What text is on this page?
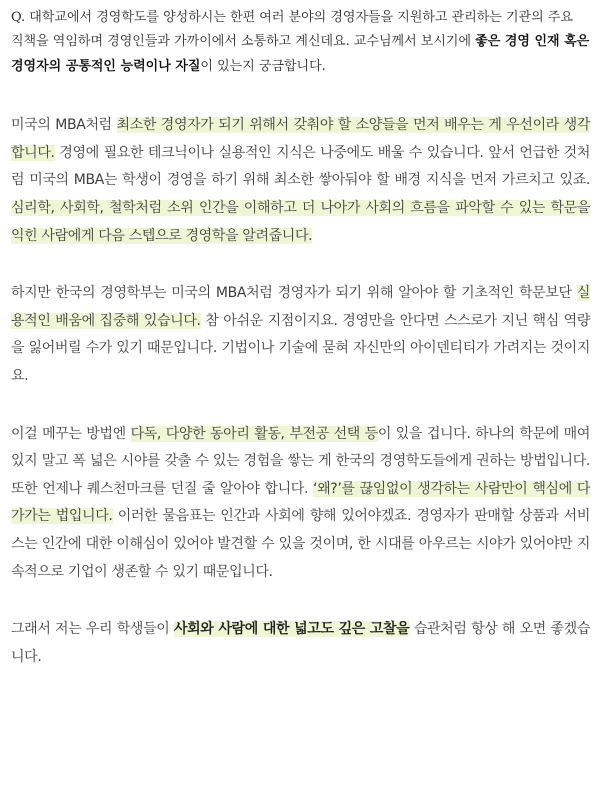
Q. 대학교에서 경영학도를 양성하시는 한편 여러 분야의 경영자들을 지원하고 관리하는 기관의 주요 직책을 역임하며 경영인들과 가까이에서 소통하고 계신데요. 교수님께서 보시기에 좋은 경영 인재 혹은 경영자의 공통적인 능력이나 자질이 있는지 궁금합니다.

미국의 MBA처럼 최소한 경영자가 되기 위해서 갖춰야 할 소양들을 먼저 배우는 게 우선이라 생각합니다. 경영에 필요한 테크닉이나 실용적인 지식은 나중에도 배울 수 있습니다. 앞서 언급한 것처럼 미국의 MBA는 학생이 경영을 하기 위해 최소한 쌓아둬야 할 배경 지식을 먼저 가르치고 있죠. 심리학, 사회학, 철학처럼 소위 인간을 이해하고 더 나아가 사회의 흐름을 파악할 수 있는 학문을 익힌 사람에게 다음 스텝으로 경영학을 알려줍니다.

하지만 한국의 경영학부는 미국의 MBA처럼 경영자가 되기 위해 알아야 할 기초적인 학문보단 실용적인 배움에 집중해 있습니다. 참 아쉬운 지점이지요. 경영만을 안다면 스스로가 지닌 핵심 역량을 잃어버릴 수가 있기 때문입니다. 기법이나 기술에 묻혀 자신만의 아이덴티티가 가려지는 것이지요.

이걸 메꾸는 방법엔 다독, 다양한 동아리 활동, 부전공 선택 등이 있을 겁니다. 하나의 학문에 매여 있지 말고 폭 넓은 시야를 갖출 수 있는 경험을 쌓는 게 한국의 경영학도들에게 권하는 방법입니다. 또한 언제나 퀘스천마크를 던질 줄 알아야 합니다. ‘왜?’를 끊임없이 생각하는 사람만이 핵심에 다가가는 법입니다. 이러한 물음표는 인간과 사회에 향해 있어야겠죠. 경영자가 판매할 상품과 서비스는 인간에 대한 이해심이 있어야 발견할 수 있을 것이며, 한 시대를 아우르는 시야가 있어야만 지속적으로 기업이 생존할 수 있기 때문입니다.

그래서 저는 우리 학생들이 사회와 사람에 대한 넓고도 깊은 고찰을 습관처럼 항상 해 오면 좋겠습니다.
